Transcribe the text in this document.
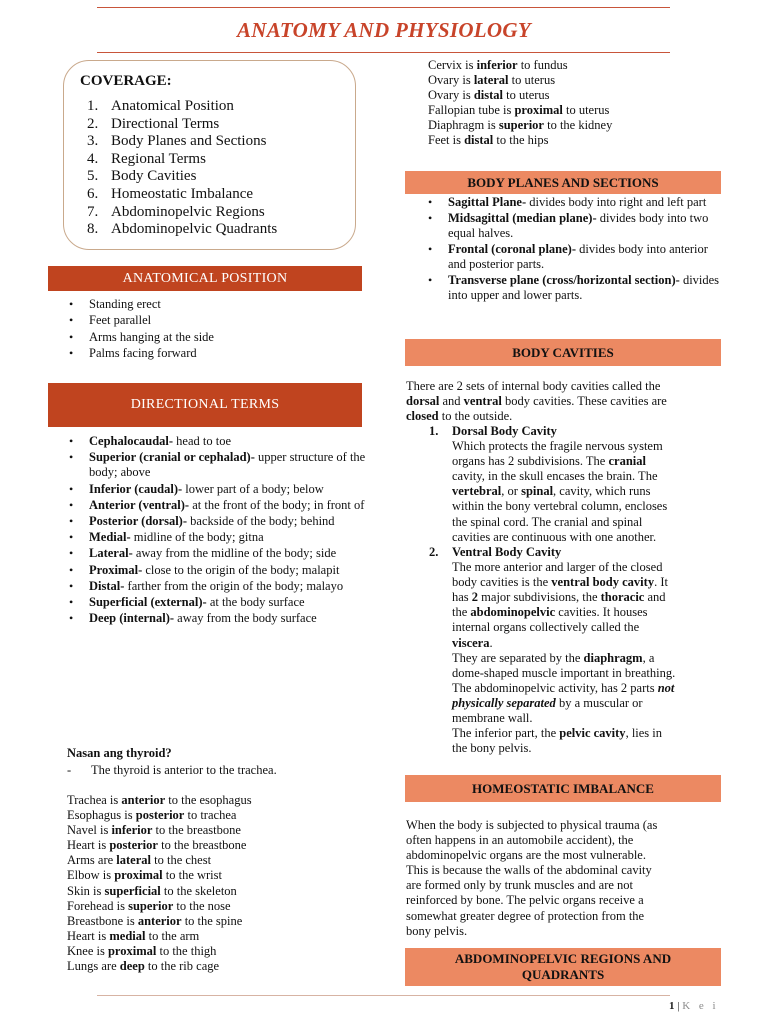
ANATOMY AND PHYSIOLOGY
COVERAGE:
1. Anatomical Position
2. Directional Terms
3. Body Planes and Sections
4. Regional Terms
5. Body Cavities
6. Homeostatic Imbalance
7. Abdominopelvic Regions
8. Abdominopelvic Quadrants
ANATOMICAL POSITION
• Standing erect
• Feet parallel
• Arms hanging at the side
• Palms facing forward
DIRECTIONAL TERMS
• Cephalocaudal- head to toe
• Superior (cranial or cephalad)- upper structure of the body; above
• Inferior (caudal)- lower part of a body; below
• Anterior (ventral)- at the front of the body; in front of
• Posterior (dorsal)- backside of the body; behind
• Medial- midline of the body; gitna
• Lateral- away from the midline of the body; side
• Proximal- close to the origin of the body; malapit
• Distal- farther from the origin of the body; malayo
• Superficial (external)- at the body surface
• Deep (internal)- away from the body surface
Nasan ang thyroid?
- The thyroid is anterior to the trachea.
Trachea is anterior to the esophagus
Esophagus is posterior to trachea
Navel is inferior to the breastbone
Heart is posterior to the breastbone
Arms are lateral to the chest
Elbow is proximal to the wrist
Skin is superficial to the skeleton
Forehead is superior to the nose
Breastbone is anterior to the spine
Heart is medial to the arm
Knee is proximal to the thigh
Lungs are deep to the rib cage
Cervix is inferior to fundus
Ovary is lateral to uterus
Ovary is distal to uterus
Fallopian tube is proximal to uterus
Diaphragm is superior to the kidney
Feet is distal to the hips
BODY PLANES AND SECTIONS
• Sagittal Plane- divides body into right and left part
• Midsagittal (median plane)- divides body into two equal halves.
• Frontal (coronal plane)- divides body into anterior and posterior parts.
• Transverse plane (cross/horizontal section)- divides into upper and lower parts.
BODY CAVITIES
There are 2 sets of internal body cavities called the
dorsal and ventral body cavities. These cavities are
closed to the outside.
1. Dorsal Body Cavity
Which protects the fragile nervous system
organs has 2 subdivisions. The cranial
cavity, in the skull encases the brain. The
vertebral, or spinal, cavity, which runs
within the bony vertebral column, encloses
the spinal cord. The cranial and spinal
cavities are continuous with one another.
2. Ventral Body Cavity
The more anterior and larger of the closed
body cavities is the ventral body cavity. It
has 2 major subdivisions, the thoracic and
the abdominopelvic cavities. It houses
internal organs collectively called the
viscera.
They are separated by the diaphragm, a
dome-shaped muscle important in breathing.
The abdominopelvic activity, has 2 parts not
physically separated by a muscular or
membrane wall.
The inferior part, the pelvic cavity, lies in
the bony pelvis.
HOMEOSTATIC IMBALANCE
When the body is subjected to physical trauma (as
often happens in an automobile accident), the
abdominopelvic organs are the most vulnerable.
This is because the walls of the abdominal cavity
are formed only by trunk muscles and are not
reinforced by bone. The pelvic organs receive a
somewhat greater degree of protection from the
bony pelvis.
ABDOMINOPELVIC REGIONS AND
QUADRANTS
1 | K e i
